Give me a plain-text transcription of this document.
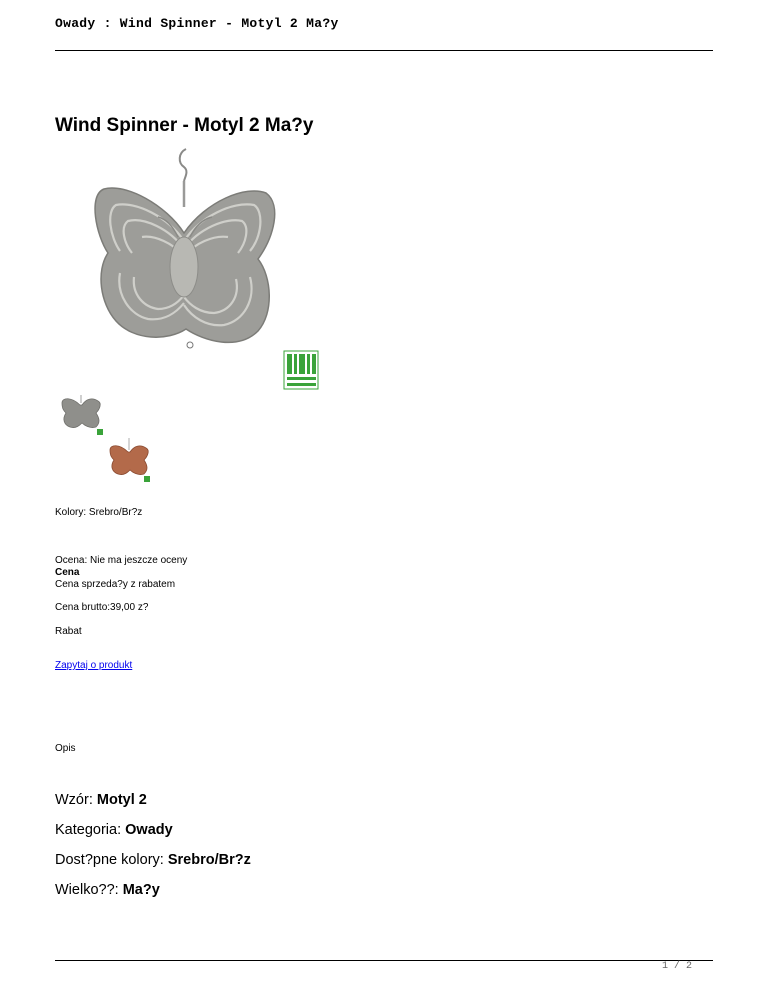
Owady : Wind Spinner - Motyl 2 Ma?y
Wind Spinner - Motyl 2 Ma?y
Kolory: Srebro/Br?z
Ocena: Nie ma jeszcze oceny
Cena
Cena sprzeda?y z rabatem
Cena brutto:39,00 z?
Rabat
Zapytaj o produkt
Opis
Wzór: Motyl 2
Kategoria: Owady
Dost?pne kolory: Srebro/Br?z
Wielko??: Ma?y
1 / 2
